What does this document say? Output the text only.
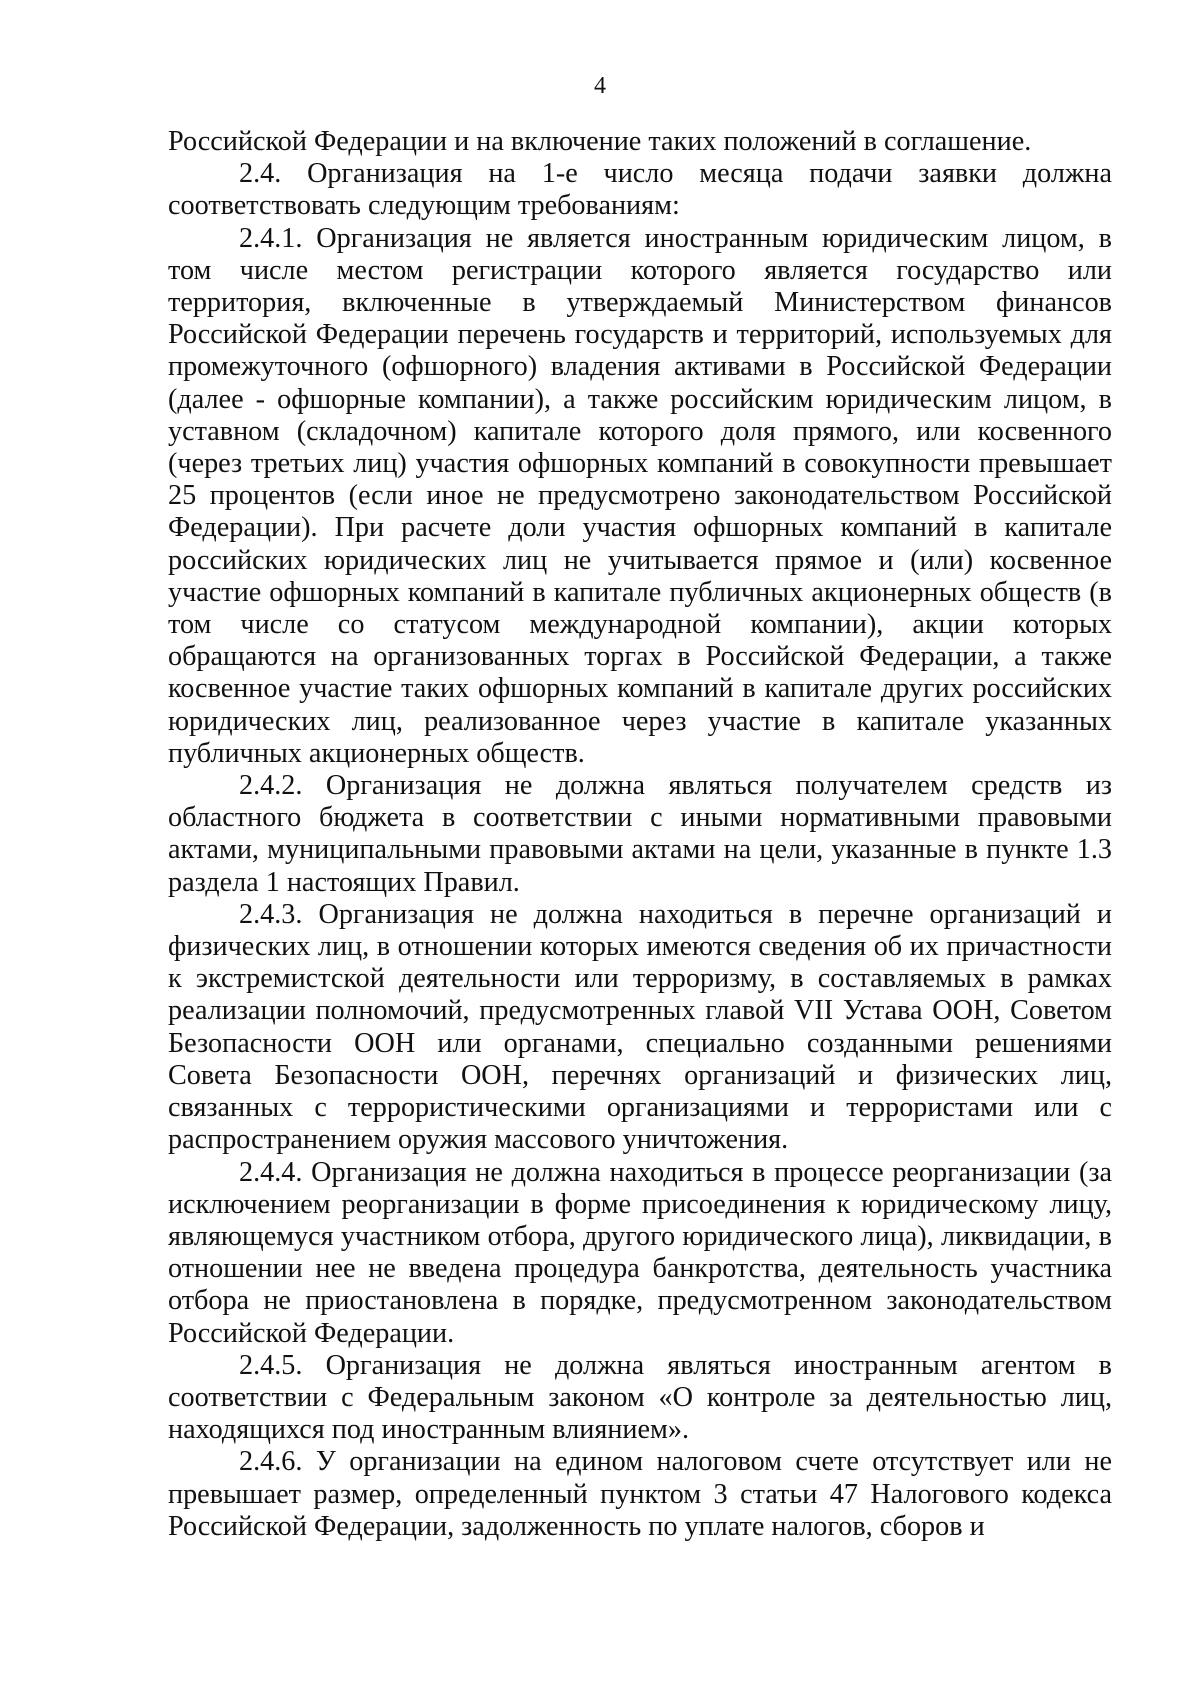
4

Российской Федерации и на включение таких положений в соглашение.

2.4. Организация на 1-е число месяца подачи заявки должна соответствовать следующим требованиям:

2.4.1. Организация не является иностранным юридическим лицом, в том числе местом регистрации которого является государство или территория, включенные в утверждаемый Министерством финансов Российской Федерации перечень государств и территорий, используемых для промежуточного (офшорного) владения активами в Российской Федерации (далее - офшорные компании), а также российским юридическим лицом, в уставном (складочном) капитале которого доля прямого, или косвенного (через третьих лиц) участия офшорных компаний в совокупности превышает 25 процентов (если иное не предусмотрено законодательством Российской Федерации). При расчете доли участия офшорных компаний в капитале российских юридических лиц не учитывается прямое и (или) косвенное участие офшорных компаний в капитале публичных акционерных обществ (в том числе со статусом международной компании), акции которых обращаются на организованных торгах в Российской Федерации, а также косвенное участие таких офшорных компаний в капитале других российских юридических лиц, реализованное через участие в капитале указанных публичных акционерных обществ.

2.4.2. Организация не должна являться получателем средств из областного бюджета в соответствии с иными нормативными правовыми актами, муниципальными правовыми актами на цели, указанные в пункте 1.3 раздела 1 настоящих Правил.

2.4.3. Организация не должна находиться в перечне организаций и физических лиц, в отношении которых имеются сведения об их причастности к экстремистской деятельности или терроризму, в составляемых в рамках реализации полномочий, предусмотренных главой VII Устава ООН, Советом Безопасности ООН или органами, специально созданными решениями Совета Безопасности ООН, перечнях организаций и физических лиц, связанных с террористическими организациями и террористами или с распространением оружия массового уничтожения.

2.4.4. Организация не должна находиться в процессе реорганизации (за исключением реорганизации в форме присоединения к юридическому лицу, являющемуся участником отбора, другого юридического лица), ликвидации, в отношении нее не введена процедура банкротства, деятельность участника отбора не приостановлена в порядке, предусмотренном законодательством Российской Федерации.

2.4.5. Организация не должна являться иностранным агентом в соответствии с Федеральным законом «О контроле за деятельностью лиц, находящихся под иностранным влиянием».

2.4.6. У организации на едином налоговом счете отсутствует или не превышает размер, определенный пунктом 3 статьи 47 Налогового кодекса Российской Федерации, задолженность по уплате налогов, сборов и
